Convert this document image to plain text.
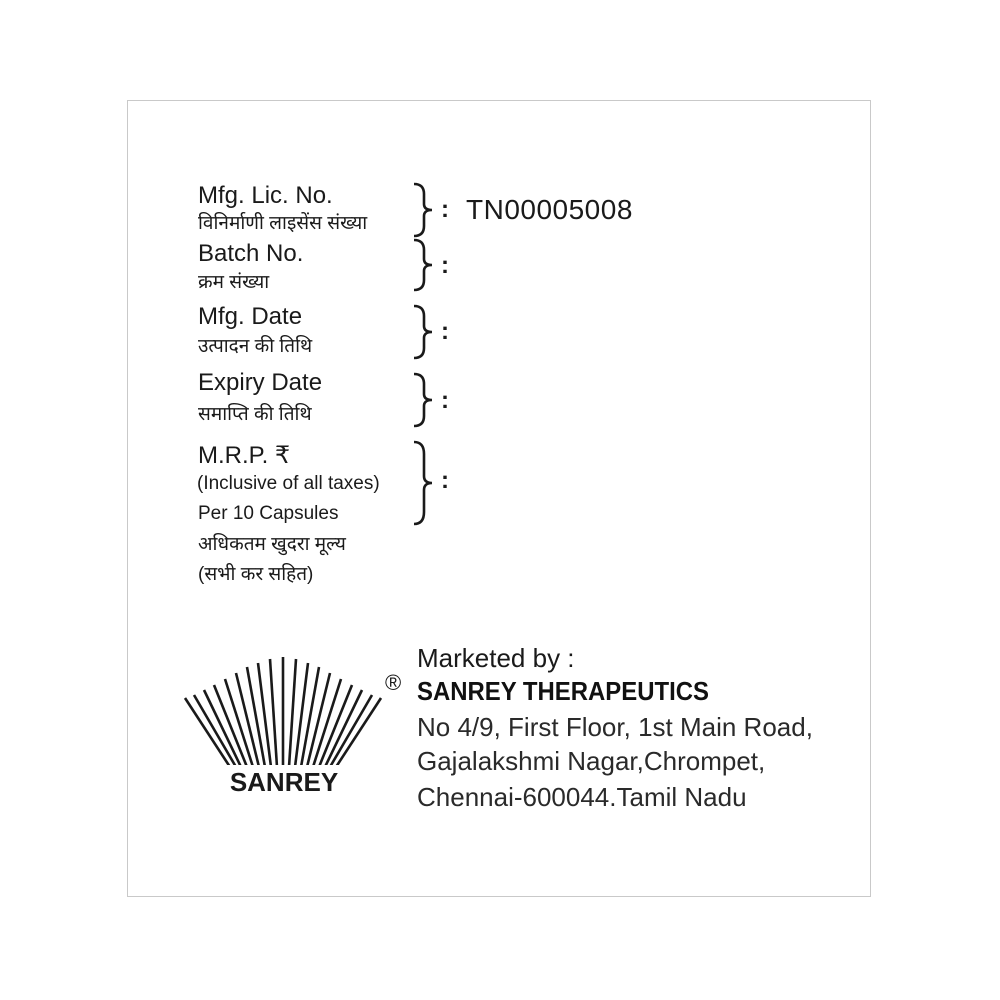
Mfg. Lic. No.
विनिर्माणी लाइसेंस संख्या
: TN00005008
Batch No.
क्रम संख्या
:
Mfg. Date
उत्पादन की तिथि
:
Expiry Date
समाप्ति की तिथि
:
M.R.P. ₹
(Inclusive of all taxes)
Per 10 Capsules
अधिकतम खुदरा मूल्य
(सभी कर सहित)
:
SANREY
®
Marketed by :
SANREY THERAPEUTICS
No 4/9, First Floor, 1st Main Road,
Gajalakshmi Nagar,Chrompet,
Chennai-600044.Tamil Nadu
